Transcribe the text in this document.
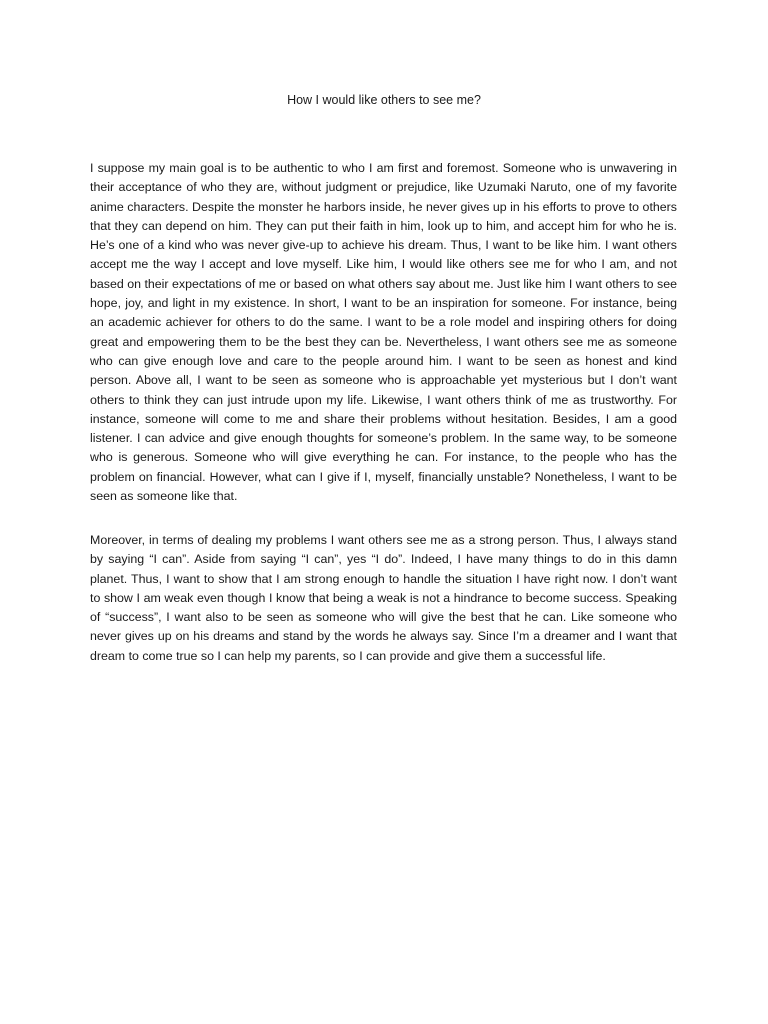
How I would like others to see me?

I suppose my main goal is to be authentic to who I am first and foremost. Someone who is unwavering in their acceptance of who they are, without judgment or prejudice, like Uzumaki Naruto, one of my favorite anime characters. Despite the monster he harbors inside, he never gives up in his efforts to prove to others that they can depend on him. They can put their faith in him, look up to him, and accept him for who he is. He’s one of a kind who was never give-up to achieve his dream. Thus, I want to be like him. I want others accept me the way I accept and love myself. Like him, I would like others see me for who I am, and not based on their expectations of me or based on what others say about me. Just like him I want others to see hope, joy, and light in my existence. In short, I want to be an inspiration for someone. For instance, being an academic achiever for others to do the same. I want to be a role model and inspiring others for doing great and empowering them to be the best they can be. Nevertheless, I want others see me as someone who can give enough love and care to the people around him. I want to be seen as honest and kind person. Above all, I want to be seen as someone who is approachable yet mysterious but I don’t want others to think they can just intrude upon my life. Likewise, I want others think of me as trustworthy. For instance, someone will come to me and share their problems without hesitation. Besides, I am a good listener. I can advice and give enough thoughts for someone’s problem. In the same way, to be someone who is generous. Someone who will give everything he can. For instance, to the people who has the problem on financial. However, what can I give if I, myself, financially unstable? Nonetheless, I want to be seen as someone like that.

Moreover, in terms of dealing my problems I want others see me as a strong person. Thus, I always stand by saying “I can”. Aside from saying “I can”, yes “I do”. Indeed, I have many things to do in this damn planet. Thus, I want to show that I am strong enough to handle the situation I have right now. I don’t want to show I am weak even though I know that being a weak is not a hindrance to become success. Speaking of “success”, I want also to be seen as someone who will give the best that he can. Like someone who never gives up on his dreams and stand by the words he always say. Since I’m a dreamer and I want that dream to come true so I can help my parents, so I can provide and give them a successful life.
